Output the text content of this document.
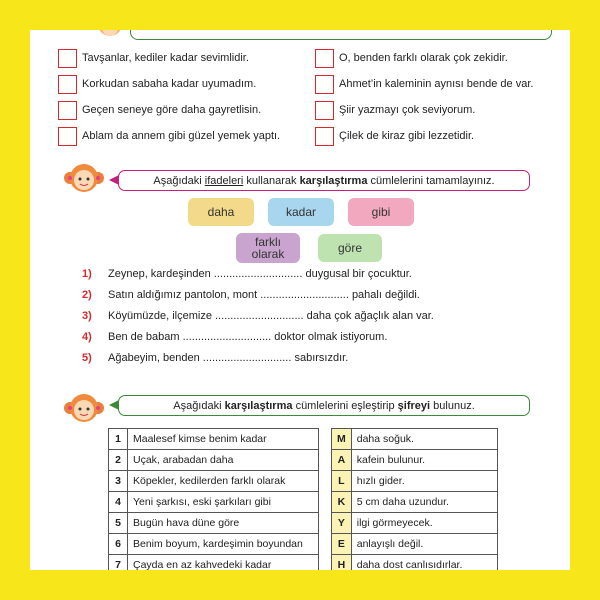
Tavşanlar, kediler kadar sevimlidir.	O, benden farklı olarak çok zekidir.
Korkudan sabaha kadar uyumadım.	Ahmet’in kaleminin aynısı bende de var.
Geçen seneye göre daha gayretlisin.	Şiir yazmayı çok seviyorum.
Ablam da annem gibi güzel yemek yaptı.	Çilek de kiraz gibi lezzetidir.
Aşağıdaki
ifadeleri
kullanarak
karşılaştırma
cümlelerini tamamlayınız.
daha	kadar	gibi
farklı olarak	göre
1) Zeynep, kardeşinden ............................. duygusal bir çocuktur.
2) Satın aldığımız pantolon, mont ............................. pahalı değildi.
3) Köyümüzde, ilçemize ............................. daha çok ağaçlık alan var.
4) Ben de babam ............................. doktor olmak istiyorum.
5) Ağabeyim, benden ............................. sabırsızdır.
Aşağıdaki
karşılaştırma
cümlelerini eşleştirip
şifreyi
bulunuz.
1	Maalesef kimse benim kadar
2	Uçak, arabadan daha
3	Köpekler, kedilerden farklı olarak
4	Yeni şarkısı, eski şarkıları gibi
5	Bugün hava düne göre
6	Benim boyum, kardeşimin boyundan
7	Çayda en az kahvedeki kadar
M	daha soğuk.
A	kafein bulunur.
L	hızlı gider.
K	5 cm daha uzundur.
Y	ilgi görmeyecek.
E	anlayışlı değil.
H	daha dost canlısıdırlar.
